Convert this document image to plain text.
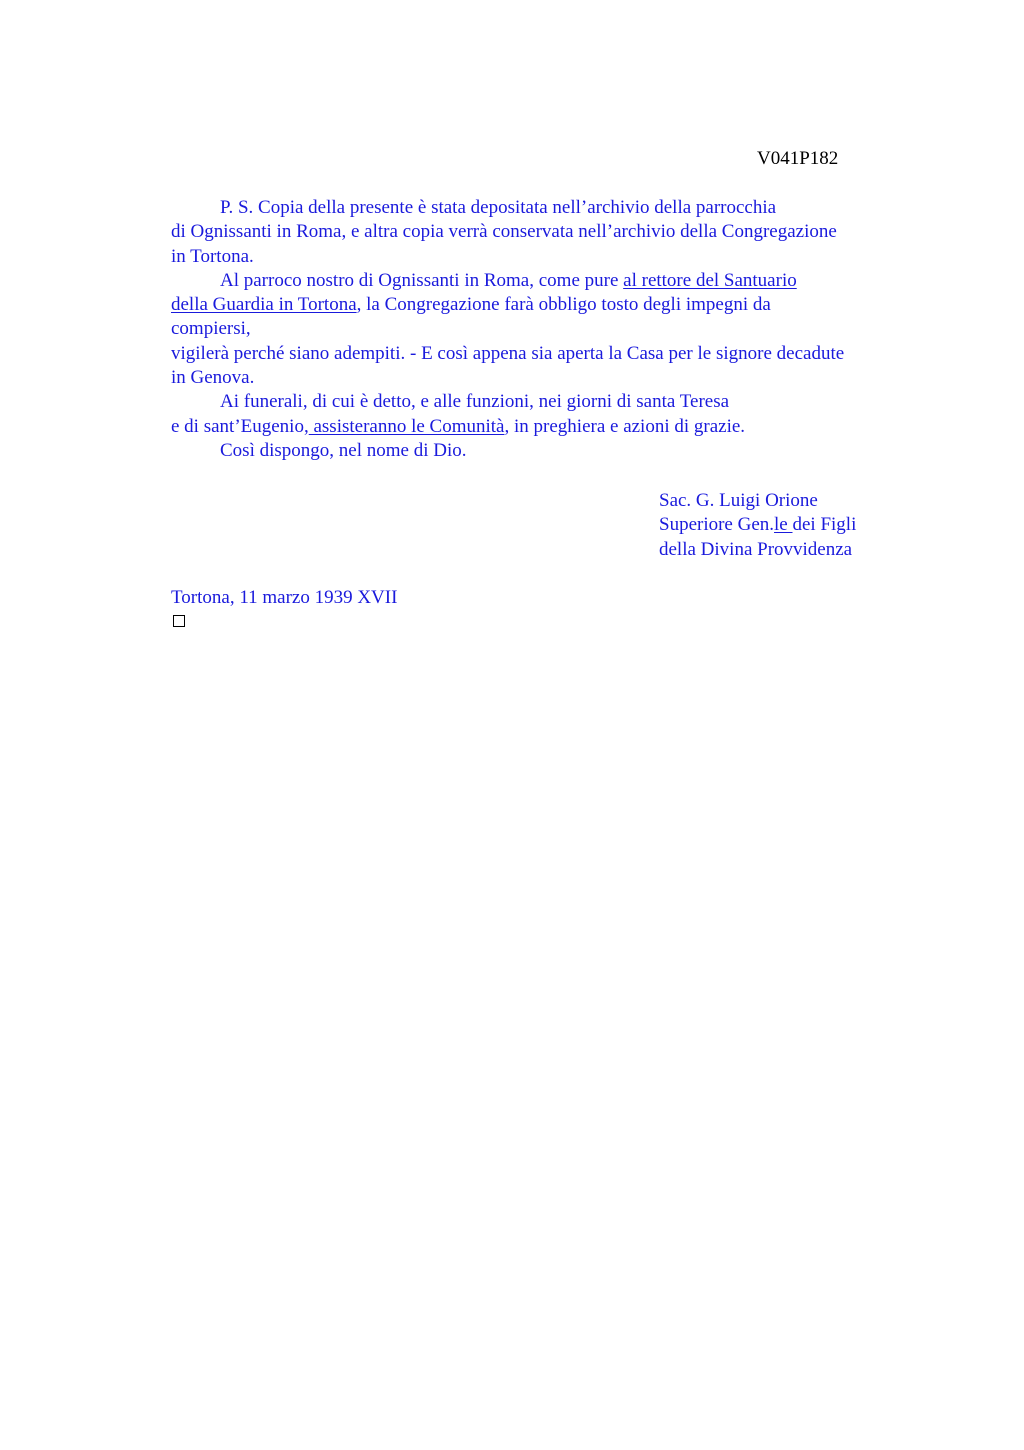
V041P182
P. S. Copia della presente è stata depositata nell’archivio della parrocchia
di Ognissanti in Roma, e altra copia verrà conservata nell’archivio della Congregazione
in Tortona.
Al parroco nostro di Ognissanti in Roma, come pure al rettore del Santuario
della Guardia in Tortona, la Congregazione farà obbligo tosto degli impegni da
compiersi,
vigilerà perché siano adempiti. - E così appena sia aperta la Casa per le signore decadute
in Genova.
Ai funerali, di cui è detto, e alle funzioni, nei giorni di santa Teresa
e di sant’Eugenio, assisteranno le Comunità, in preghiera e azioni di grazie.
Così dispongo, nel nome di Dio.
Sac. G. Luigi Orione
Superiore Gen.le dei Figli
della Divina Provvidenza
Tortona, 11 marzo 1939 XVII
